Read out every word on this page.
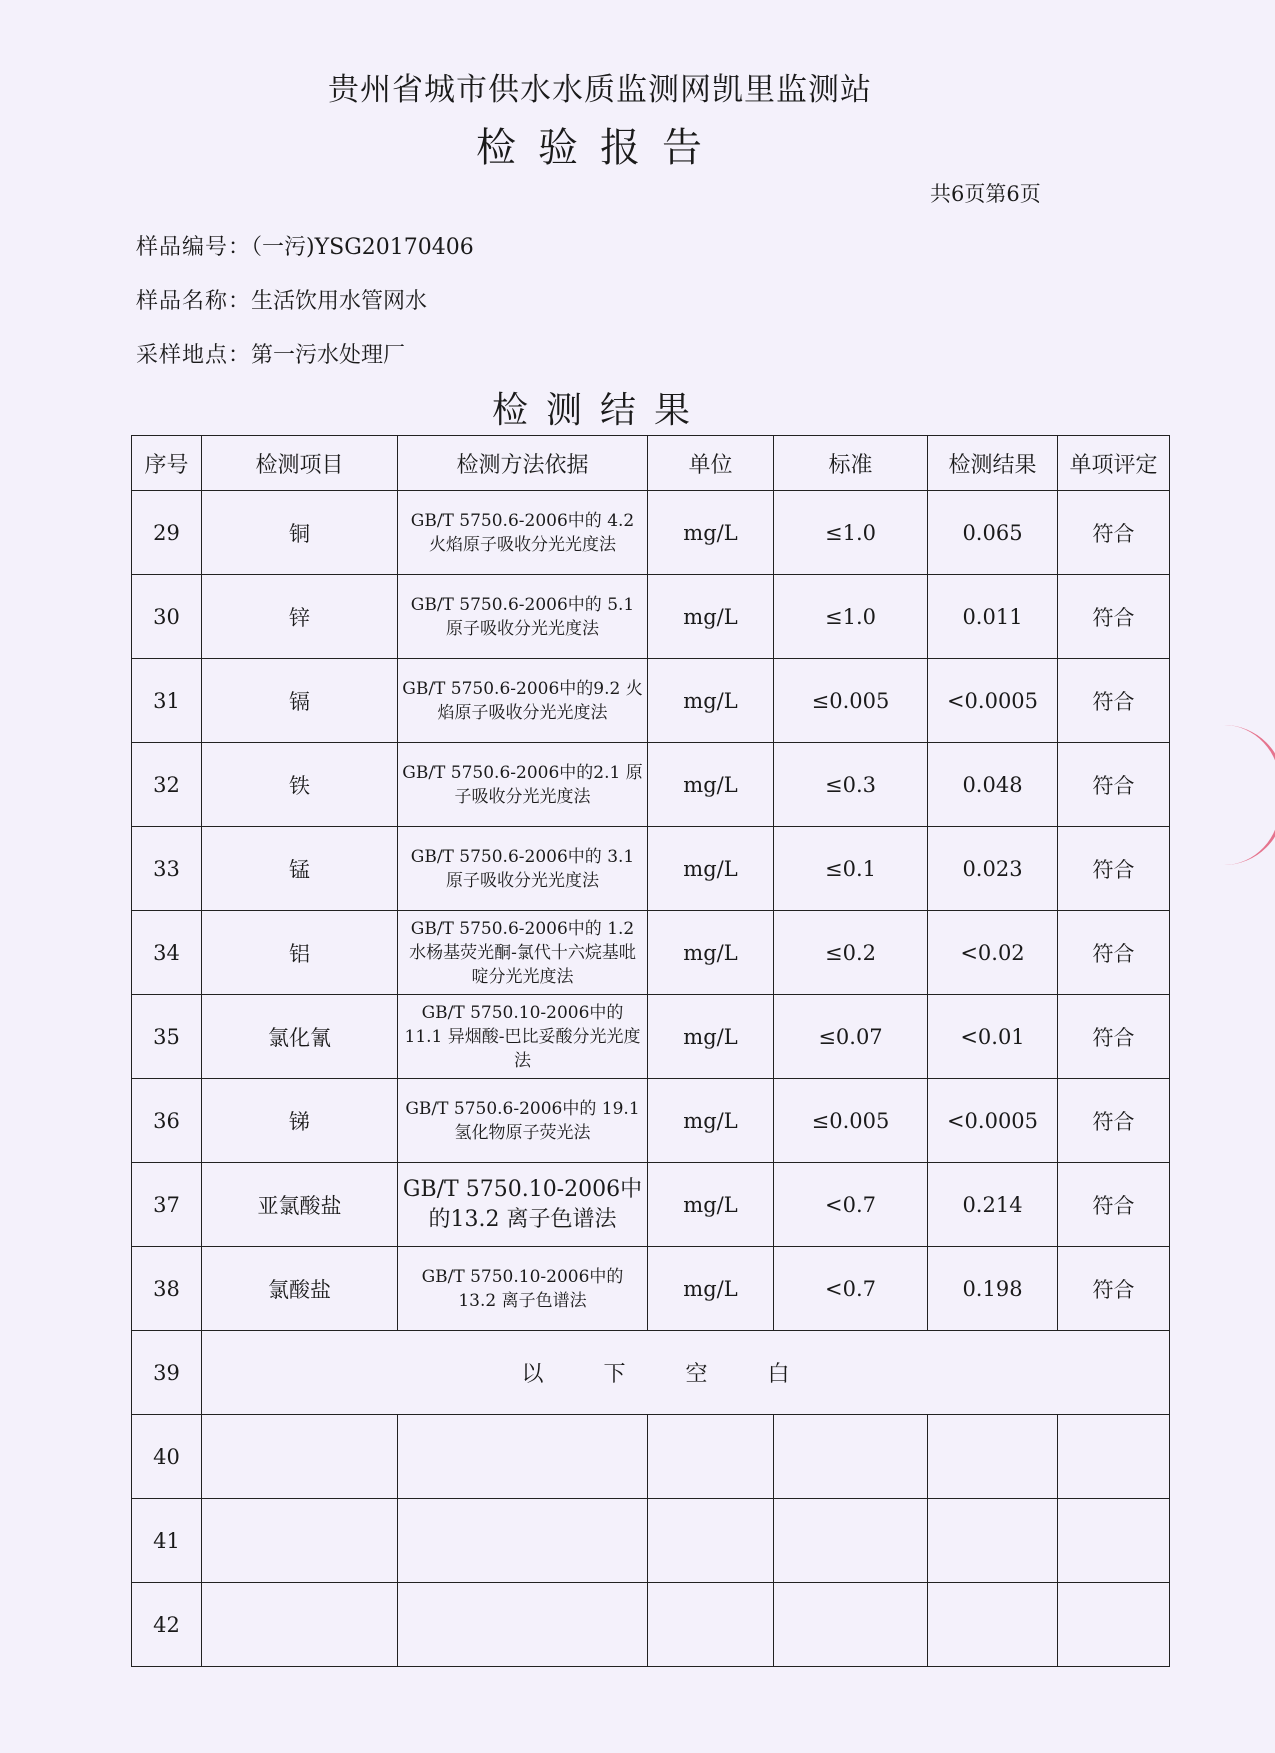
贵州省城市供水水质监测网凯里监测站
检验报告
共6页第6页
样品编号：（一污)YSG20170406
样品名称：生活饮用水管网水
采样地点：第一污水处理厂
检测结果
序号	检测项目	检测方法依据	单位	标准	检测结果	单项评定
29	铜	GB/T 5750.6-2006中的 4.2 火焰原子吸收分光光度法	mg/L	≤1.0	0.065	符合
30	锌	GB/T 5750.6-2006中的 5.1 原子吸收分光光度法	mg/L	≤1.0	0.011	符合
31	镉	GB/T 5750.6-2006中的9.2 火焰原子吸收分光光度法	mg/L	≤0.005	<0.0005	符合
32	铁	GB/T 5750.6-2006中的2.1 原子吸收分光光度法	mg/L	≤0.3	0.048	符合
33	锰	GB/T 5750.6-2006中的 3.1 原子吸收分光光度法	mg/L	≤0.1	0.023	符合
34	铝	GB/T 5750.6-2006中的 1.2 水杨基荧光酮-氯代十六烷基吡啶分光光度法	mg/L	≤0.2	<0.02	符合
35	氯化氰	GB/T 5750.10-2006中的 11.1 异烟酸-巴比妥酸分光光度法	mg/L	≤0.07	<0.01	符合
36	锑	GB/T 5750.6-2006中的 19.1 氢化物原子荧光法	mg/L	≤0.005	<0.0005	符合
37	亚氯酸盐	GB/T 5750.10-2006中的13.2 离子色谱法	mg/L	<0.7	0.214	符合
38	氯酸盐	GB/T 5750.10-2006中的 13.2 离子色谱法	mg/L	<0.7	0.198	符合
39	以下空白					
40						
41						
42						
